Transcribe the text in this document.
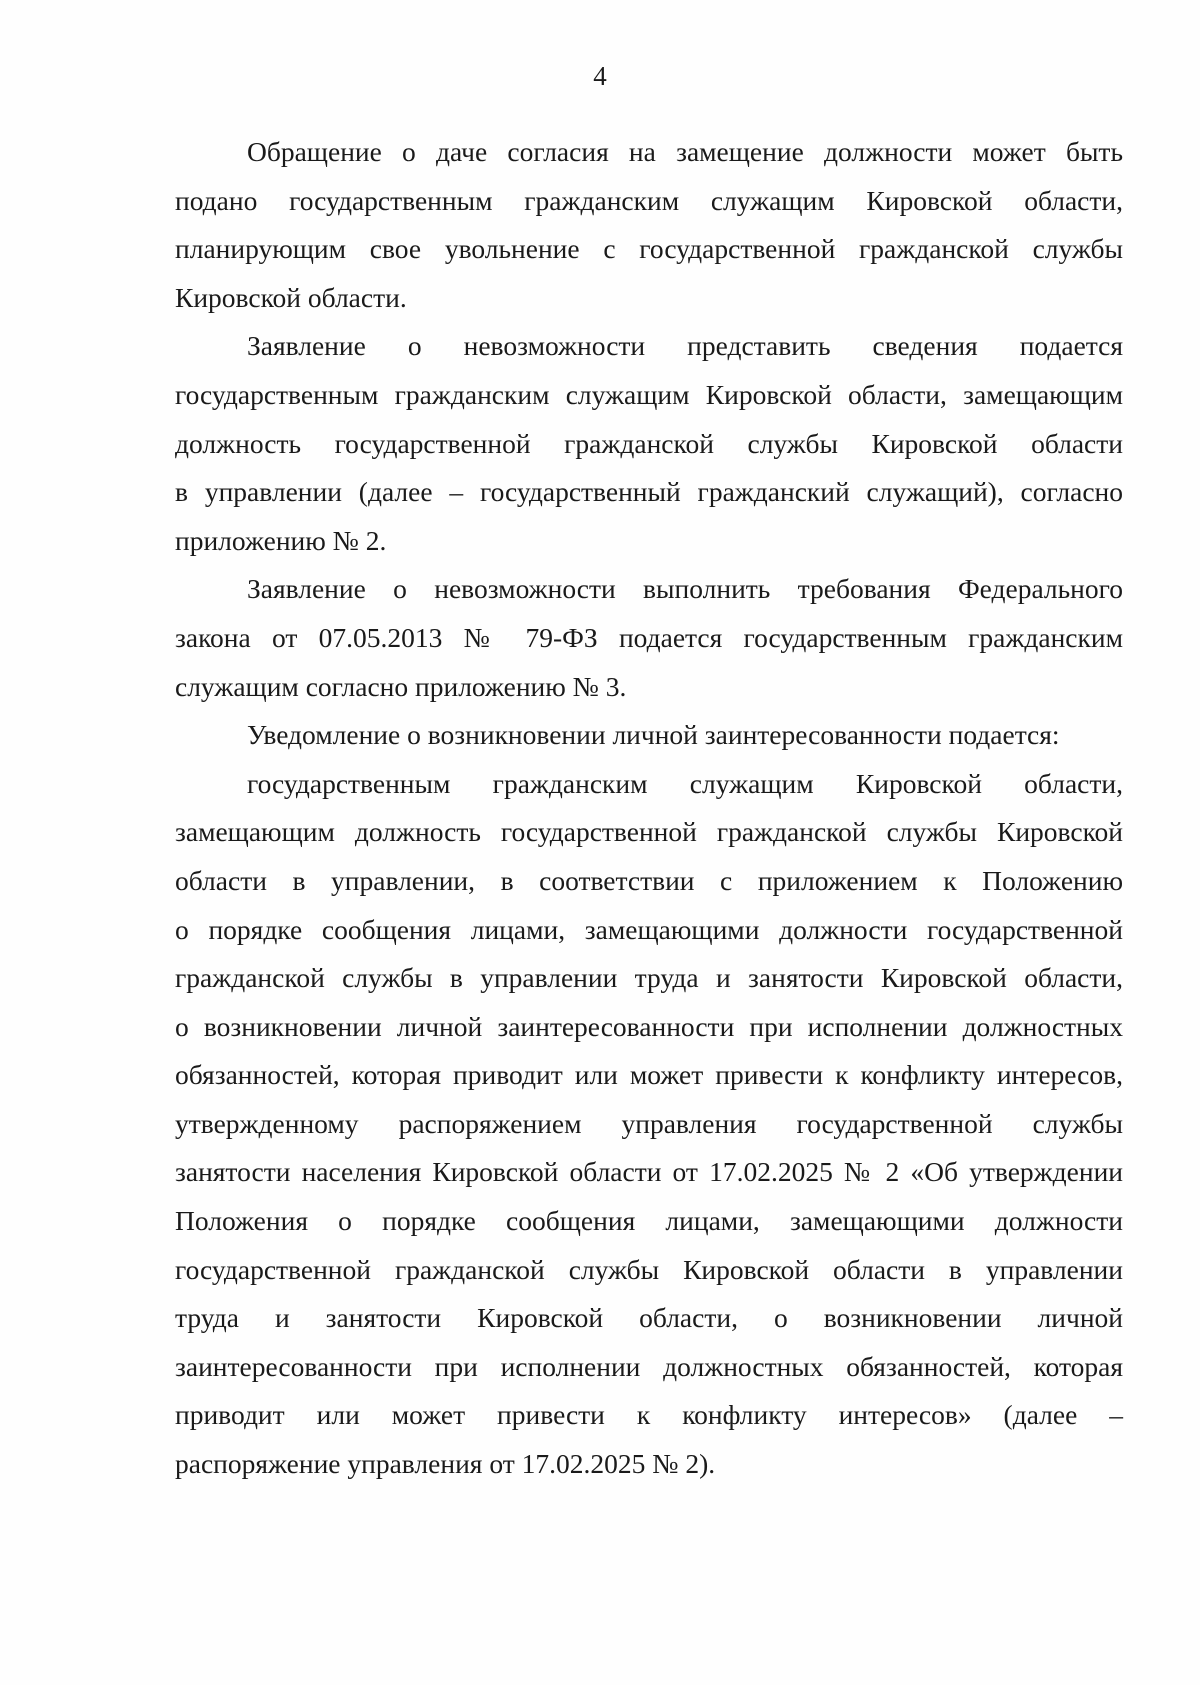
4

Обращение о даче согласия на замещение должности может быть
подано государственным гражданским служащим Кировской области,
планирующим свое увольнение с государственной гражданской службы
Кировской области.

Заявление о невозможности представить сведения подается
государственным гражданским служащим Кировской области, замещающим
должность государственной гражданской службы Кировской области
в управлении (далее – государственный гражданский служащий), согласно
приложению № 2.

Заявление о невозможности выполнить требования Федерального
закона от 07.05.2013 № 79-ФЗ подается государственным гражданским
служащим согласно приложению № 3.

Уведомление о возникновении личной заинтересованности подается:

государственным гражданским служащим Кировской области,
замещающим должность государственной гражданской службы Кировской
области в управлении, в соответствии с приложением к Положению
о порядке сообщения лицами, замещающими должности государственной
гражданской службы в управлении труда и занятости Кировской области,
о возникновении личной заинтересованности при исполнении должностных
обязанностей, которая приводит или может привести к конфликту интересов,
утвержденному распоряжением управления государственной службы
занятости населения Кировской области от 17.02.2025 № 2 «Об утверждении
Положения о порядке сообщения лицами, замещающими должности
государственной гражданской службы Кировской области в управлении
труда и занятости Кировской области, о возникновении личной
заинтересованности при исполнении должностных обязанностей, которая
приводит или может привести к конфликту интересов» (далее –
распоряжение управления от 17.02.2025 № 2).
